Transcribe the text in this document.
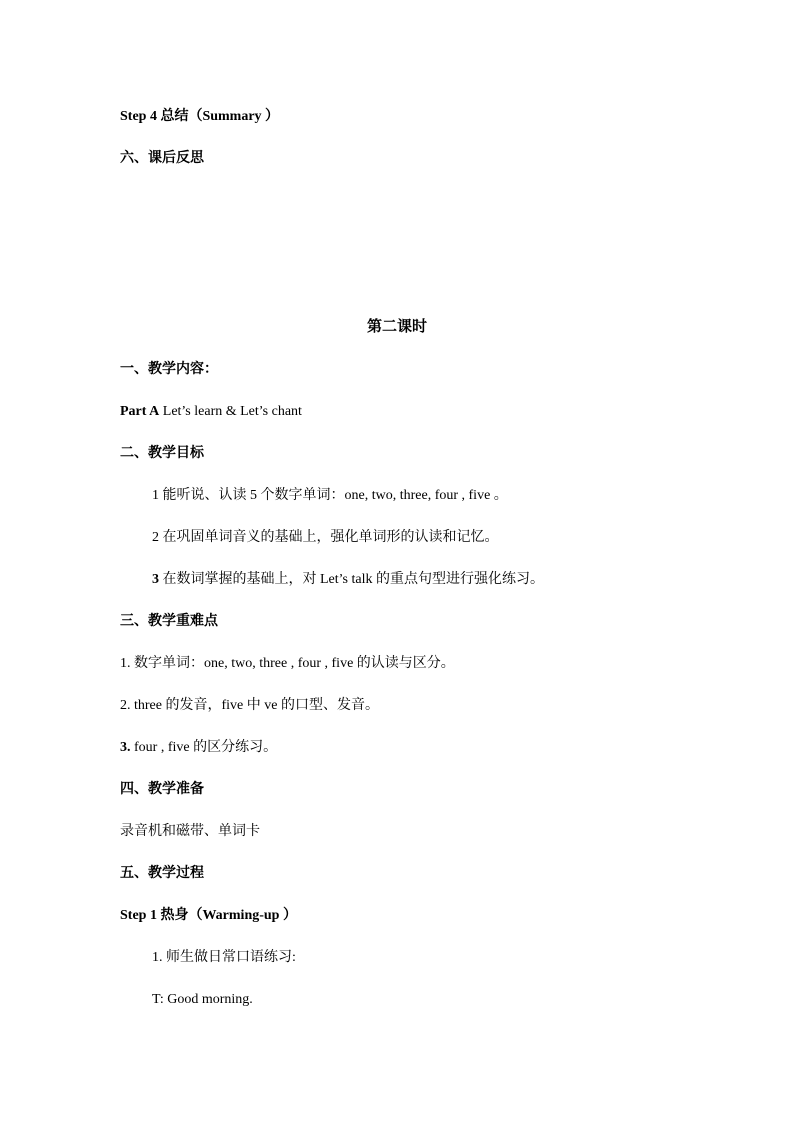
Step 4 总结（Summary ）
六、课后反思
第二课时
一、教学内容：
Part A Let’s learn & Let’s chant
二、教学目标
1 能听说、认读 5 个数字单词：one, two, three, four , five 。
2 在巩固单词音义的基础上，强化单词形的认读和记忆。
3 在数词掌握的基础上，对 Let’s talk 的重点句型进行强化练习。
三、教学重难点
1. 数字单词：one, two, three , four , five 的认读与区分。
2. three 的发音，five 中 ve 的口型、发音。
3. four , five 的区分练习。
四、教学准备
录音机和磁带、单词卡
五、教学过程
Step 1 热身（Warming-up ）
1. 师生做日常口语练习:
T: Good morning.
